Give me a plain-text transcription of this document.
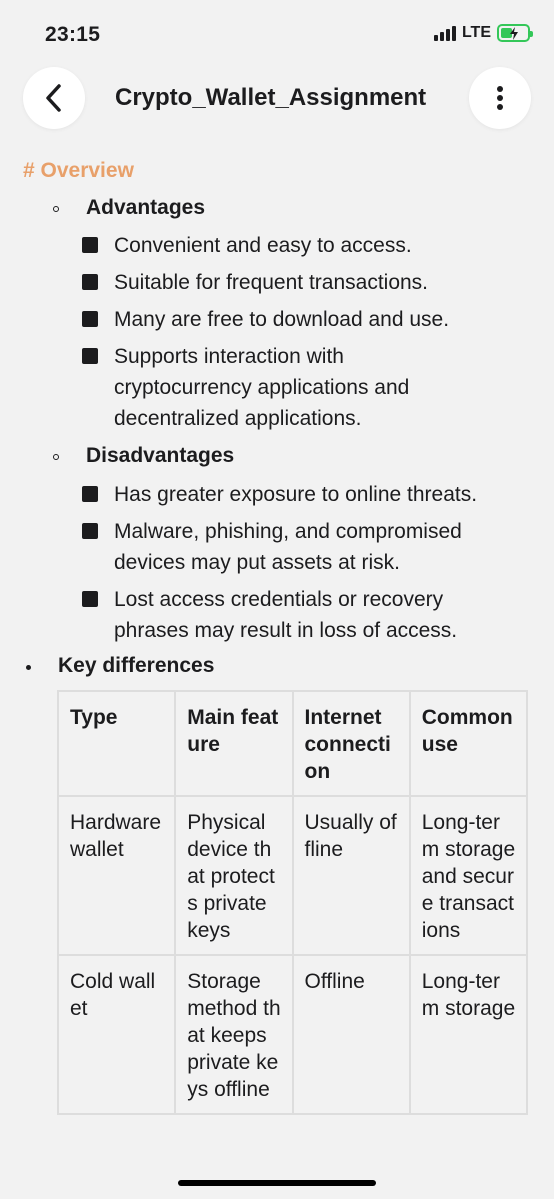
23:15	LTE
Crypto_Wallet_Assignment
# Overview
Advantages
Convenient and easy to access.
Suitable for frequent transactions.
Many are free to download and use.
Supports interaction with cryptocurrency applications and decentralized applications.
Disadvantages
Has greater exposure to online threats.
Malware, phishing, and compromised devices may put assets at risk.
Lost access credentials or recovery phrases may result in loss of access.
Key differences
Type	Main feature	Internet connection	Common use
Hardware wallet	Physical device that protects private keys	Usually offline	Long-term storage and secure transactions
Cold wallet	Storage method that keeps private keys offline	Offline	Long-term storage
